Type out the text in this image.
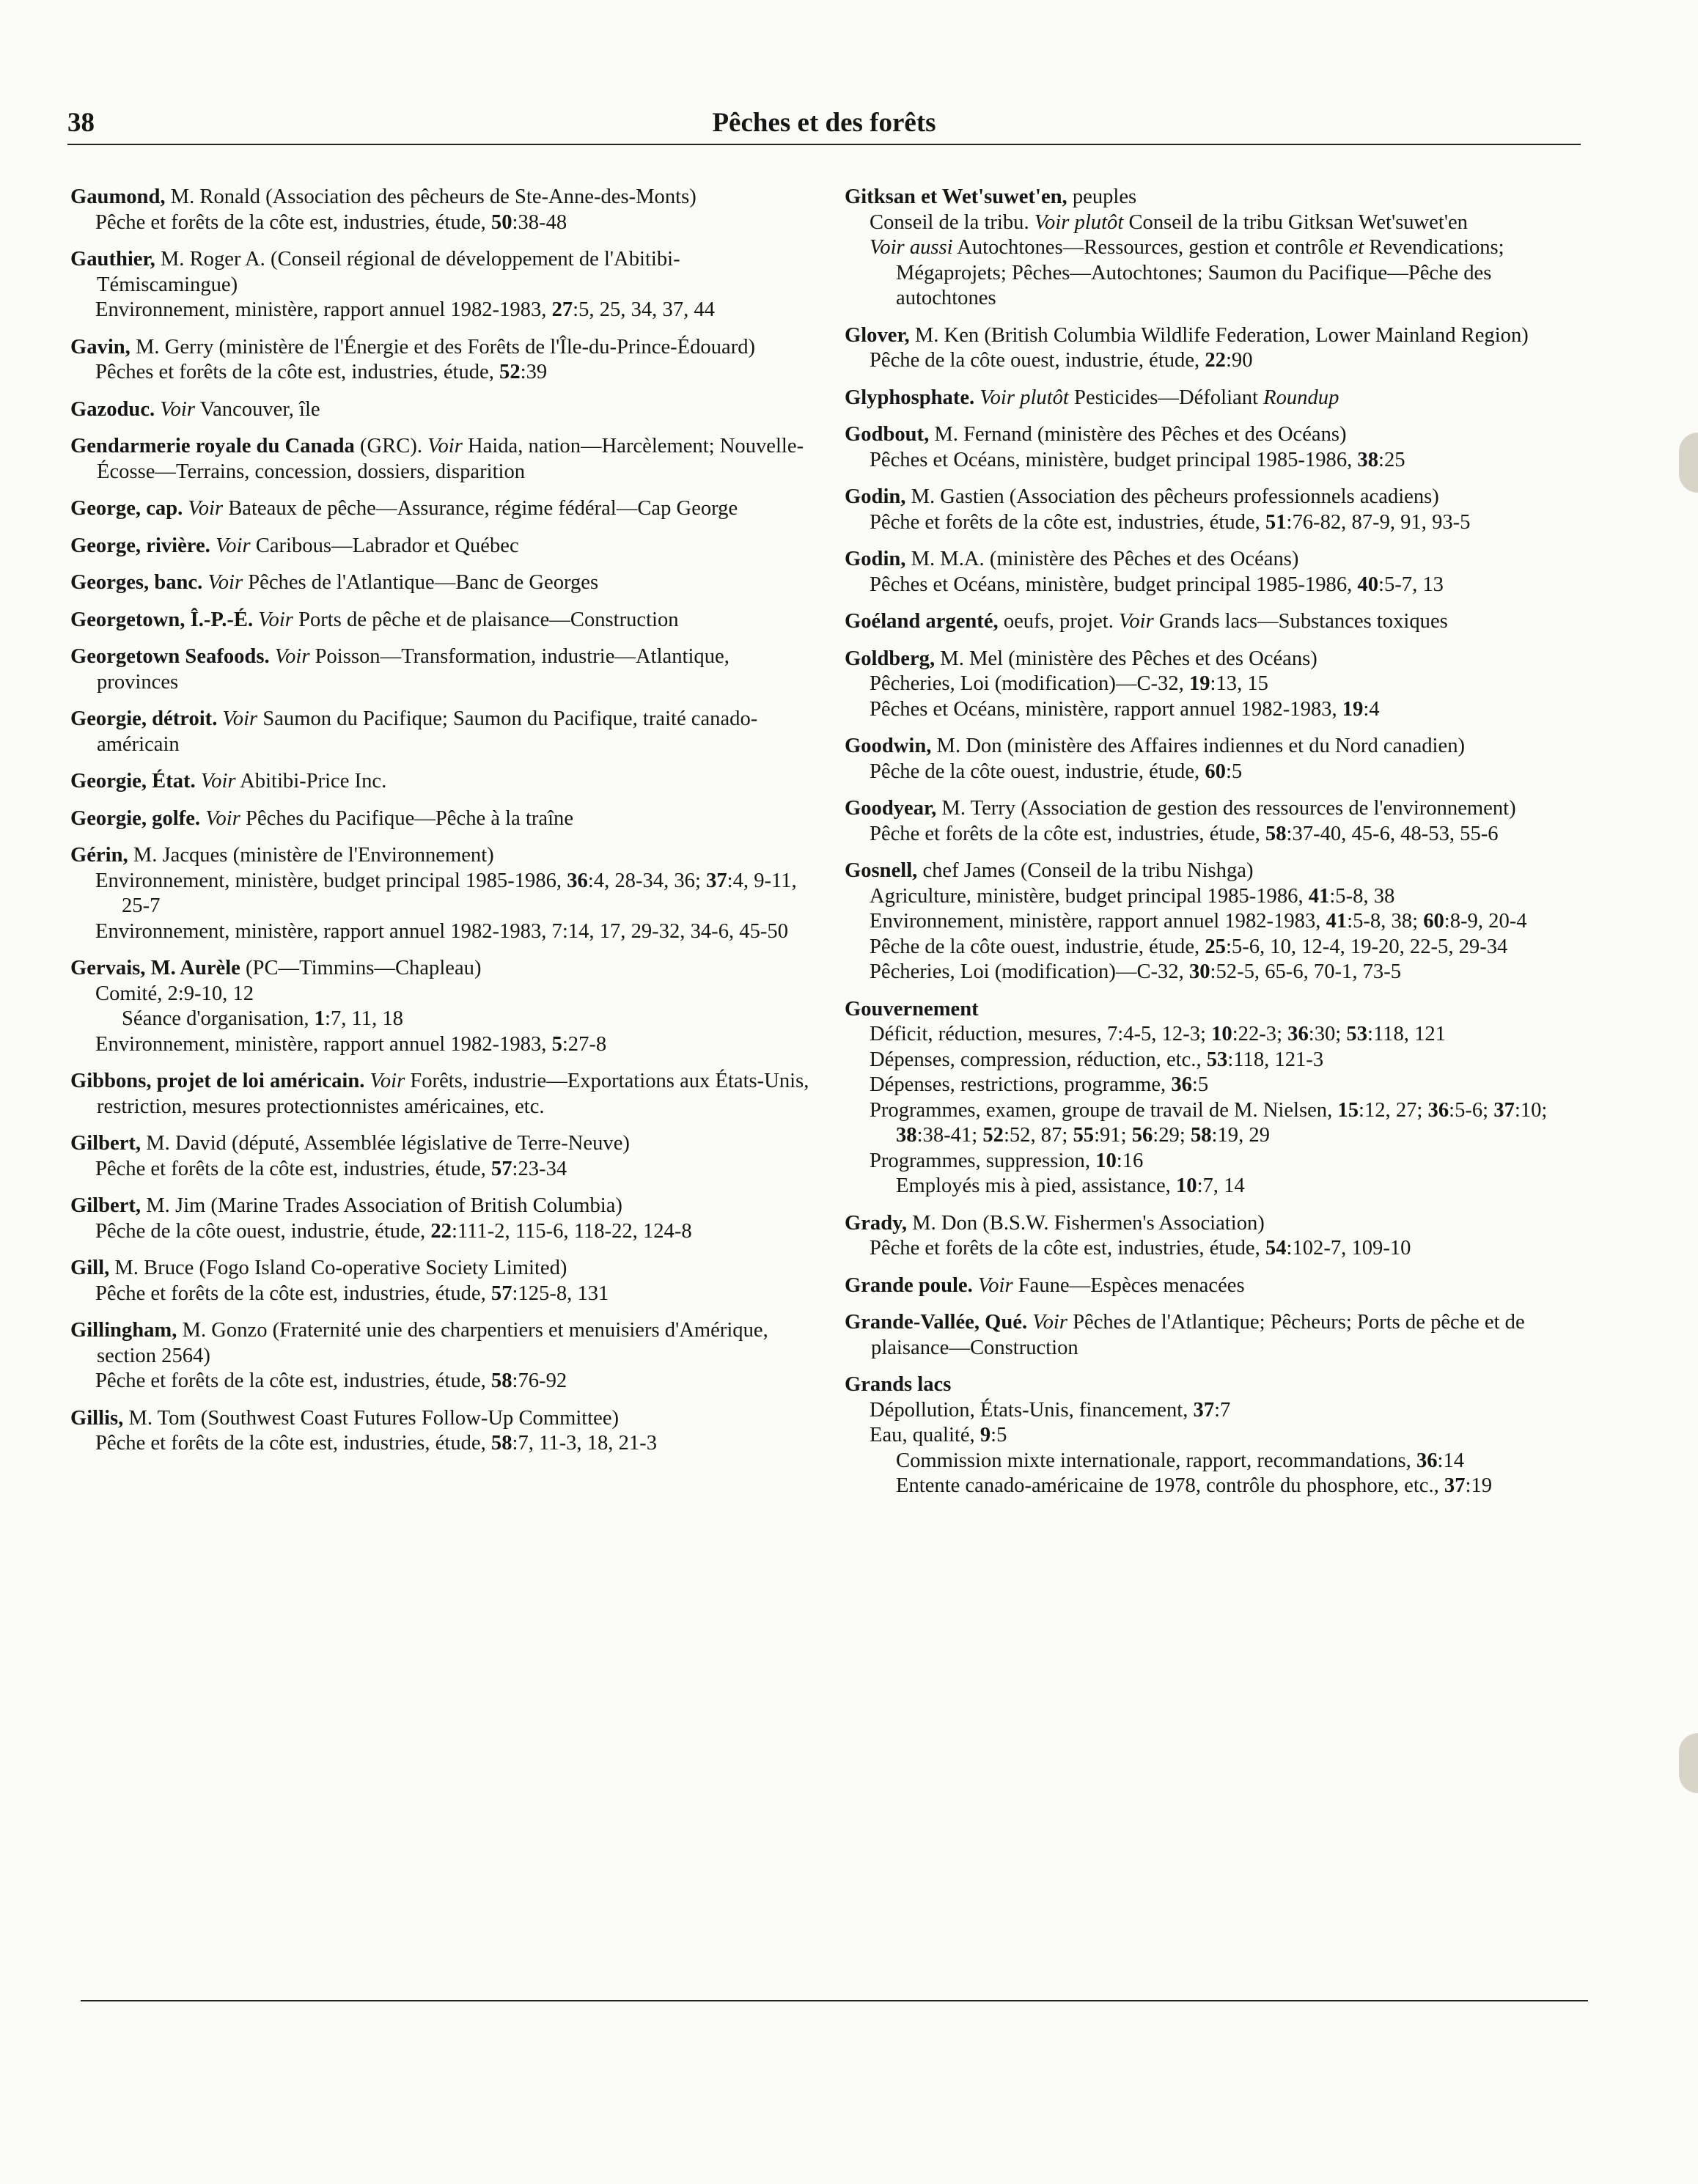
38	Pêches et des forêts
Gaumond, M. Ronald (Association des pêcheurs de Ste-Anne-des-Monts)
Pêche et forêts de la côte est, industries, étude, 50:38-48
Gauthier, M. Roger A. (Conseil régional de développement de l'Abitibi-Témiscamingue)
Environnement, ministère, rapport annuel 1982-1983, 27:5, 25, 34, 37, 44
Gavin, M. Gerry (ministère de l'Énergie et des Forêts de l'Île-du-Prince-Édouard)
Pêches et forêts de la côte est, industries, étude, 52:39
Gazoduc. Voir Vancouver, île
Gendarmerie royale du Canada (GRC). Voir Haida, nation—Harcèlement; Nouvelle-Écosse—Terrains, concession, dossiers, disparition
George, cap. Voir Bateaux de pêche—Assurance, régime fédéral—Cap George
George, rivière. Voir Caribous—Labrador et Québec
Georges, banc. Voir Pêches de l'Atlantique—Banc de Georges
Georgetown, Î.-P.-É. Voir Ports de pêche et de plaisance—Construction
Georgetown Seafoods. Voir Poisson—Transformation, industrie—Atlantique, provinces
Georgie, détroit. Voir Saumon du Pacifique; Saumon du Pacifique, traité canado-américain
Georgie, État. Voir Abitibi-Price Inc.
Georgie, golfe. Voir Pêches du Pacifique—Pêche à la traîne
Gérin, M. Jacques (ministère de l'Environnement)
Environnement, ministère, budget principal 1985-1986, 36:4, 28-34, 36; 37:4, 9-11, 25-7
Environnement, ministère, rapport annuel 1982-1983, 7:14, 17, 29-32, 34-6, 45-50
Gervais, M. Aurèle (PC—Timmins—Chapleau)
Comité, 2:9-10, 12
Séance d'organisation, 1:7, 11, 18
Environnement, ministère, rapport annuel 1982-1983, 5:27-8
Gibbons, projet de loi américain. Voir Forêts, industrie—Exportations aux États-Unis, restriction, mesures protectionnistes américaines, etc.
Gilbert, M. David (député, Assemblée législative de Terre-Neuve)
Pêche et forêts de la côte est, industries, étude, 57:23-34
Gilbert, M. Jim (Marine Trades Association of British Columbia)
Pêche de la côte ouest, industrie, étude, 22:111-2, 115-6, 118-22, 124-8
Gill, M. Bruce (Fogo Island Co-operative Society Limited)
Pêche et forêts de la côte est, industries, étude, 57:125-8, 131
Gillingham, M. Gonzo (Fraternité unie des charpentiers et menuisiers d'Amérique, section 2564)
Pêche et forêts de la côte est, industries, étude, 58:76-92
Gillis, M. Tom (Southwest Coast Futures Follow-Up Committee)
Pêche et forêts de la côte est, industries, étude, 58:7, 11-3, 18, 21-3
Gitksan et Wet'suwet'en, peuples
Conseil de la tribu. Voir plutôt Conseil de la tribu Gitksan Wet'suwet'en
Voir aussi Autochtones—Ressources, gestion et contrôle et Revendications; Mégaprojets; Pêches—Autochtones; Saumon du Pacifique—Pêche des autochtones
Glover, M. Ken (British Columbia Wildlife Federation, Lower Mainland Region)
Pêche de la côte ouest, industrie, étude, 22:90
Glyphosphate. Voir plutôt Pesticides—Défoliant Roundup
Godbout, M. Fernand (ministère des Pêches et des Océans)
Pêches et Océans, ministère, budget principal 1985-1986, 38:25
Godin, M. Gastien (Association des pêcheurs professionnels acadiens)
Pêche et forêts de la côte est, industries, étude, 51:76-82, 87-9, 91, 93-5
Godin, M. M.A. (ministère des Pêches et des Océans)
Pêches et Océans, ministère, budget principal 1985-1986, 40:5-7, 13
Goéland argenté, oeufs, projet. Voir Grands lacs—Substances toxiques
Goldberg, M. Mel (ministère des Pêches et des Océans)
Pêcheries, Loi (modification)—C-32, 19:13, 15
Pêches et Océans, ministère, rapport annuel 1982-1983, 19:4
Goodwin, M. Don (ministère des Affaires indiennes et du Nord canadien)
Pêche de la côte ouest, industrie, étude, 60:5
Goodyear, M. Terry (Association de gestion des ressources de l'environnement)
Pêche et forêts de la côte est, industries, étude, 58:37-40, 45-6, 48-53, 55-6
Gosnell, chef James (Conseil de la tribu Nishga)
Agriculture, ministère, budget principal 1985-1986, 41:5-8, 38
Environnement, ministère, rapport annuel 1982-1983, 41:5-8, 38; 60:8-9, 20-4
Pêche de la côte ouest, industrie, étude, 25:5-6, 10, 12-4, 19-20, 22-5, 29-34
Pêcheries, Loi (modification)—C-32, 30:52-5, 65-6, 70-1, 73-5
Gouvernement
Déficit, réduction, mesures, 7:4-5, 12-3; 10:22-3; 36:30; 53:118, 121
Dépenses, compression, réduction, etc., 53:118, 121-3
Dépenses, restrictions, programme, 36:5
Programmes, examen, groupe de travail de M. Nielsen, 15:12, 27; 36:5-6; 37:10; 38:38-41; 52:52, 87; 55:91; 56:29; 58:19, 29
Programmes, suppression, 10:16
Employés mis à pied, assistance, 10:7, 14
Grady, M. Don (B.S.W. Fishermen's Association)
Pêche et forêts de la côte est, industries, étude, 54:102-7, 109-10
Grande poule. Voir Faune—Espèces menacées
Grande-Vallée, Qué. Voir Pêches de l'Atlantique; Pêcheurs; Ports de pêche et de plaisance—Construction
Grands lacs
Dépollution, États-Unis, financement, 37:7
Eau, qualité, 9:5
Commission mixte internationale, rapport, recommandations, 36:14
Entente canado-américaine de 1978, contrôle du phosphore, etc., 37:19
